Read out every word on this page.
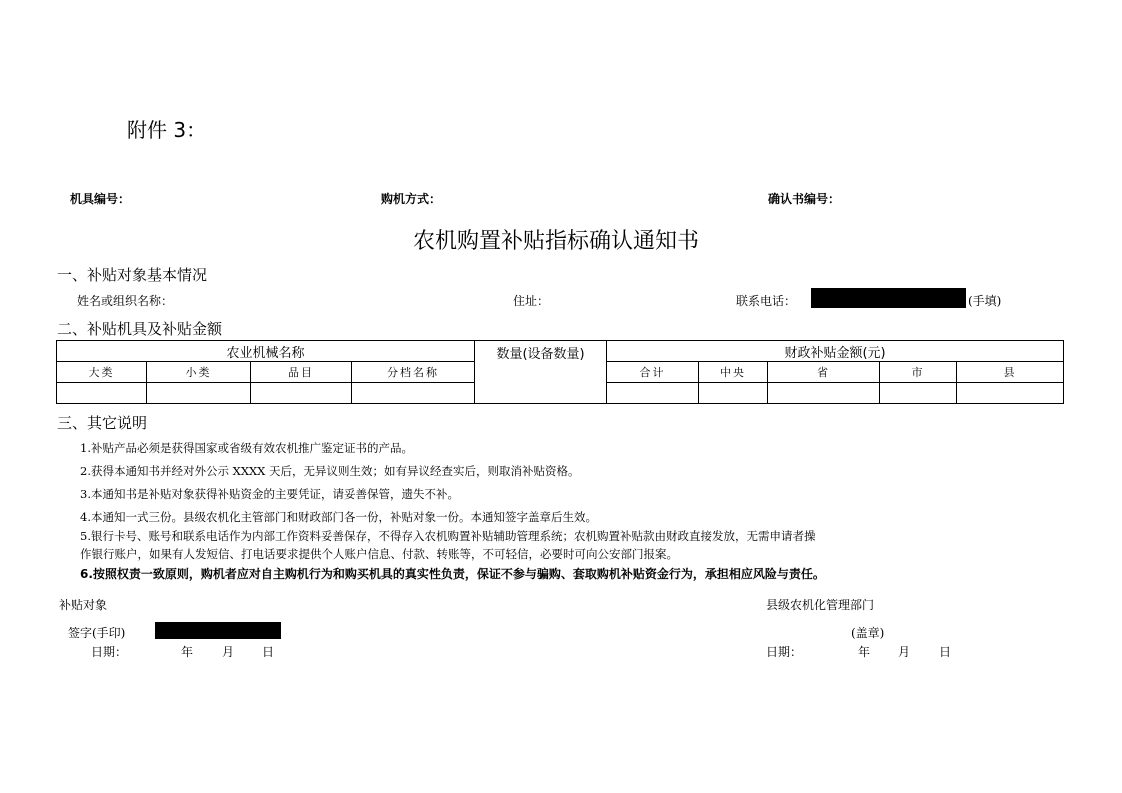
附件 3：
机具编号：	购机方式：	确认书编号：
农机购置补贴指标确认通知书
一、补贴对象基本情况
姓名或组织名称：	住址：	联系电话：	(手填)
二、补贴机具及补贴金额
农业机械名称				数量(设备数量)	财政补贴金额(元)				
大类	小类	品目	分档名称		合计	中央	省	市	县

三、其它说明
1.补贴产品必须是获得国家或省级有效农机推广鉴定证书的产品。
2.获得本通知书并经对外公示 XXXX 天后，无异议则生效；如有异议经查实后，则取消补贴资格。
3.本通知书是补贴对象获得补贴资金的主要凭证，请妥善保管，遗失不补。
4.本通知一式三份。县级农机化主管部门和财政部门各一份，补贴对象一份。本通知签字盖章后生效。
5.银行卡号、账号和联系电话作为内部工作资料妥善保存，不得存入农机购置补贴辅助管理系统；农机购置补贴款由财政直接发放，无需申请者操
作银行账户，如果有人发短信、打电话要求提供个人账户信息、付款、转账等，不可轻信，必要时可向公安部门报案。
6.按照权责一致原则，购机者应对自主购机行为和购买机具的真实性负责，保证不参与骗购、套取购机补贴资金行为，承担相应风险与责任。
补贴对象
签字(手印)
日期：	年 月 日
县级农机化管理部门
(盖章)
日期：	年 月 日
